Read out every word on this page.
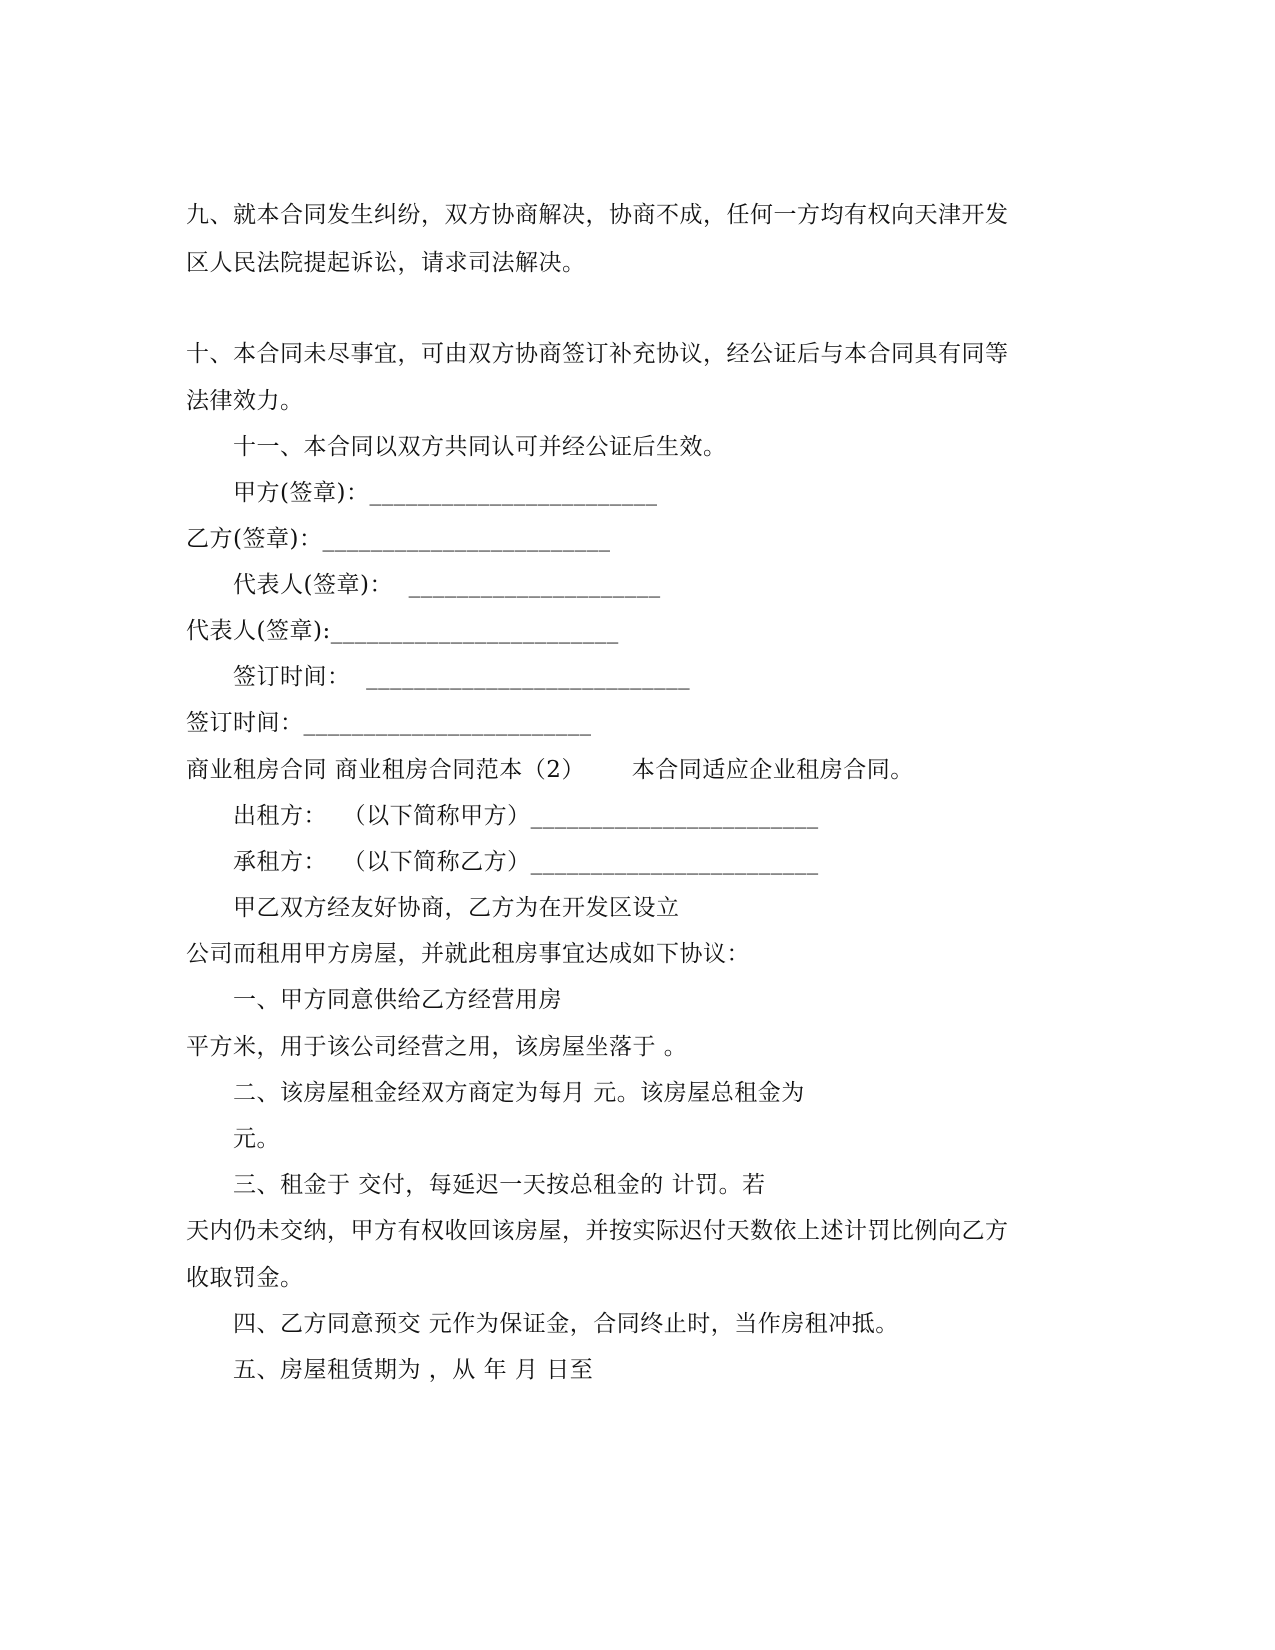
九、就本合同发生纠纷，双方协商解决，协商不成，任何一方均有权向天津开发
区人民法院提起诉讼，请求司法解决。
十、本合同未尽事宜，可由双方协商签订补充协议，经公证后与本合同具有同等
法律效力。
十一、本合同以双方共同认可并经公证后生效。
甲方(签章)：________________________
乙方(签章)：________________________
代表人(签章)：  _____________________
代表人(签章):________________________
签订时间：  ___________________________
签订时间：________________________
商业租房合同 商业租房合同范本（2）      本合同适应企业租房合同。
出租方：  （以下简称甲方）________________________
承租方：  （以下简称乙方）________________________
甲乙双方经友好协商，乙方为在开发区设立
公司而租用甲方房屋，并就此租房事宜达成如下协议：
一、甲方同意供给乙方经营用房
平方米，用于该公司经营之用，该房屋坐落于 。
二、该房屋租金经双方商定为每月 元。该房屋总租金为
元。
三、租金于 交付，每延迟一天按总租金的 计罚。若
天内仍未交纳，甲方有权收回该房屋，并按实际迟付天数依上述计罚比例向乙方
收取罚金。
四、乙方同意预交 元作为保证金，合同终止时，当作房租冲抵。
五、房屋租赁期为 ，从 年 月 日至
